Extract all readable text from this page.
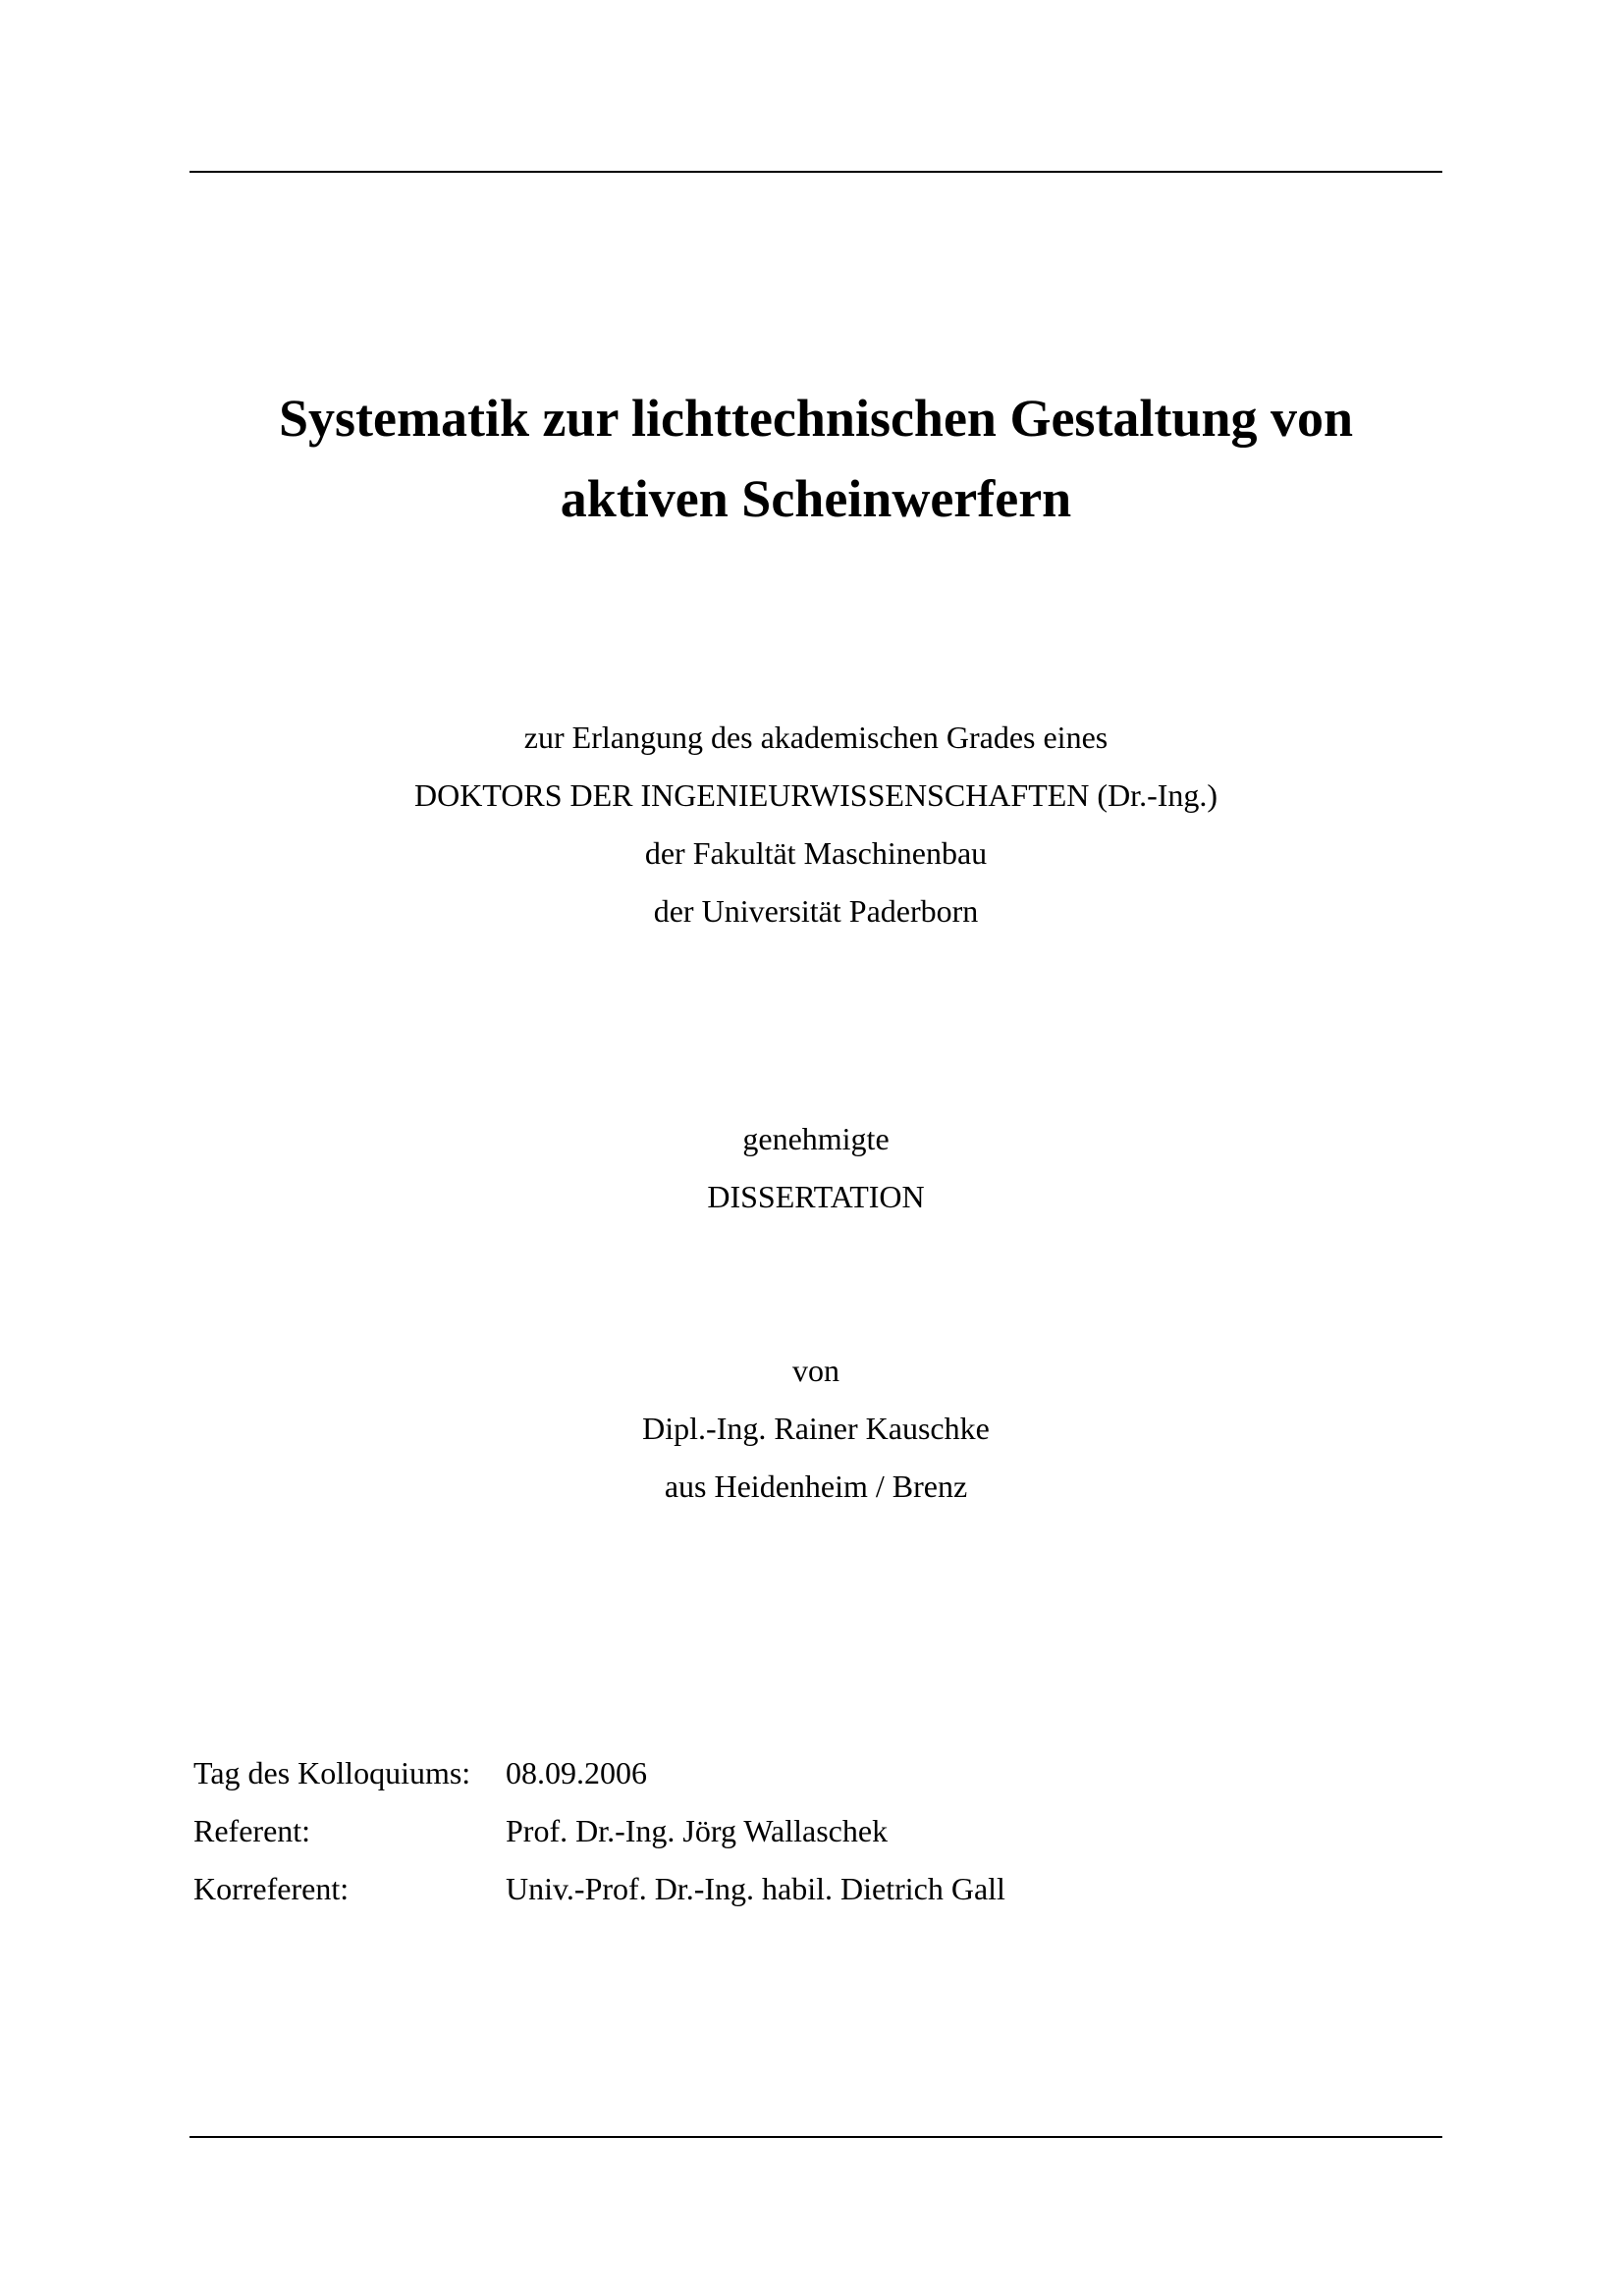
Systematik zur lichttechnischen Gestaltung von
aktiven Scheinwerfern
zur Erlangung des akademischen Grades eines
DOKTORS DER INGENIEURWISSENSCHAFTEN (Dr.-Ing.)
der Fakultät Maschinenbau
der Universität Paderborn
genehmigte
DISSERTATION
von
Dipl.-Ing. Rainer Kauschke
aus Heidenheim / Brenz
Tag des Kolloquiums:	08.09.2006
Referent:	Prof. Dr.-Ing. Jörg Wallaschek
Korreferent:	Univ.-Prof. Dr.-Ing. habil. Dietrich Gall
